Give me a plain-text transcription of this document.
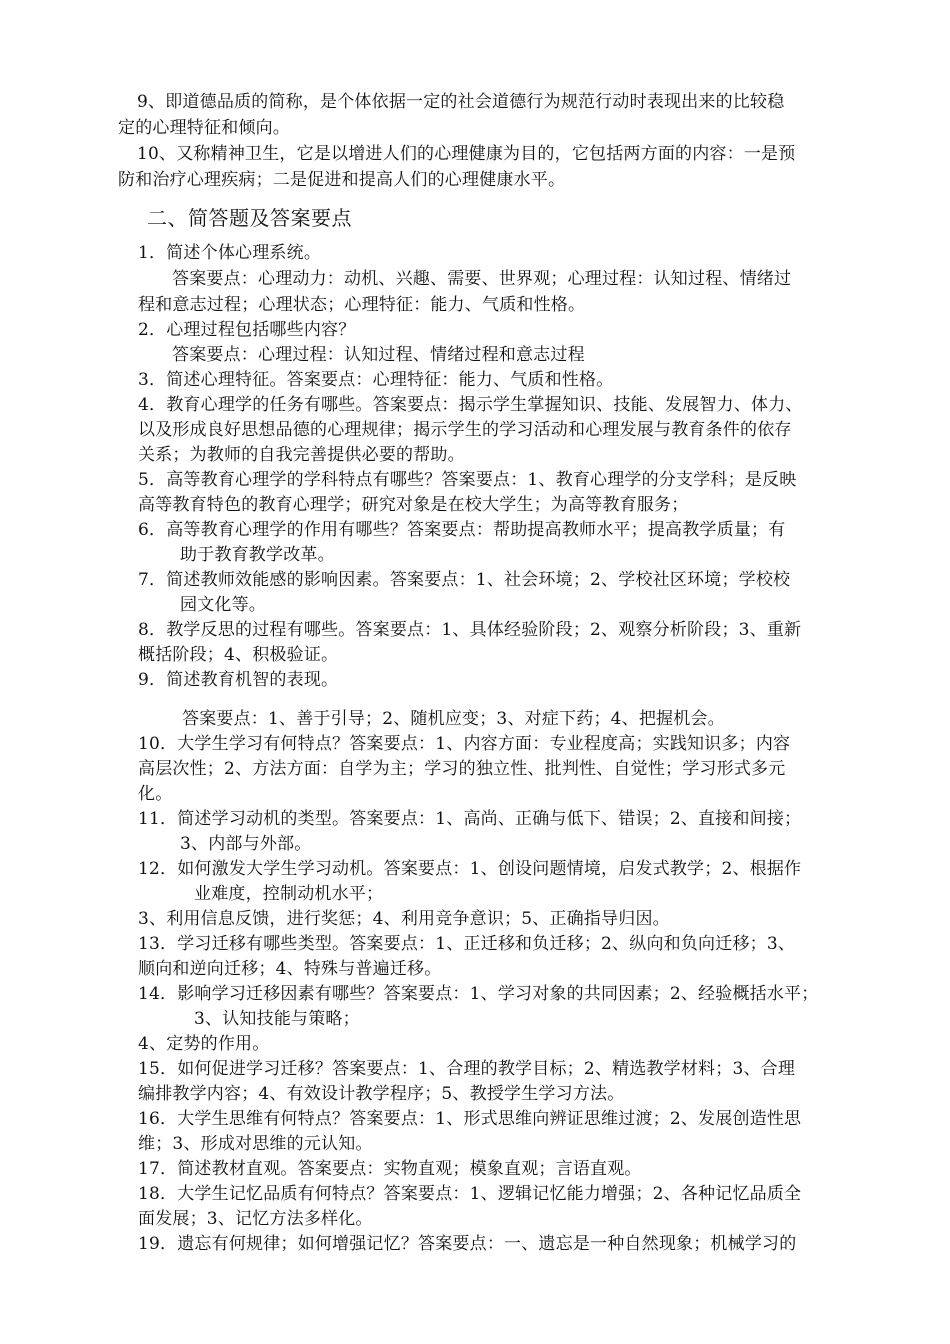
9、即道德品质的简称，是个体依据一定的社会道德行为规范行动时表现出来的比较稳
定的心理特征和倾向。
10、又称精神卫生，它是以增进人们的心理健康为目的，它包括两方面的内容：一是预
防和治疗心理疾病；二是促进和提高人们的心理健康水平。
二、简答题及答案要点
1．简述个体心理系统。
答案要点：心理动力：动机、兴趣、需要、世界观；心理过程：认知过程、情绪过
程和意志过程；心理状态；心理特征：能力、气质和性格。
2．心理过程包括哪些内容？
答案要点：心理过程：认知过程、情绪过程和意志过程
3．简述心理特征。答案要点：心理特征：能力、气质和性格。
4．教育心理学的任务有哪些。答案要点：揭示学生掌握知识、技能、发展智力、体力、
以及形成良好思想品德的心理规律；揭示学生的学习活动和心理发展与教育条件的依存
关系；为教师的自我完善提供必要的帮助。
5．高等教育心理学的学科特点有哪些？答案要点：1、教育心理学的分支学科；是反映
高等教育特色的教育心理学；研究对象是在校大学生；为高等教育服务；
6．高等教育心理学的作用有哪些？答案要点：帮助提高教师水平；提高教学质量；有
助于教育教学改革。
7．简述教师效能感的影响因素。答案要点：1、社会环境；2、学校社区环境；学校校
园文化等。
8．教学反思的过程有哪些。答案要点：1、具体经验阶段；2、观察分析阶段；3、重新
概括阶段；4、积极验证。
9．简述教育机智的表现。
答案要点：1、善于引导；2、随机应变；3、对症下药；4、把握机会。
10．大学生学习有何特点？答案要点：1、内容方面：专业程度高；实践知识多；内容
高层次性；2、方法方面：自学为主；学习的独立性、批判性、自觉性；学习形式多元
化。
11．简述学习动机的类型。答案要点：1、高尚、正确与低下、错误；2、直接和间接；
3、内部与外部。
12．如何激发大学生学习动机。答案要点：1、创设问题情境，启发式教学；2、根据作
业难度，控制动机水平；
3、利用信息反馈，进行奖惩；4、利用竞争意识；5、正确指导归因。
13．学习迁移有哪些类型。答案要点：1、正迁移和负迁移；2、纵向和负向迁移；3、
顺向和逆向迁移；4、特殊与普遍迁移。
14．影响学习迁移因素有哪些？答案要点：1、学习对象的共同因素；2、经验概括水平；
3、认知技能与策略；
4、定势的作用。
15．如何促进学习迁移？答案要点：1、合理的教学目标；2、精选教学材料；3、合理
编排教学内容；4、有效设计教学程序；5、教授学生学习方法。
16．大学生思维有何特点？答案要点：1、形式思维向辨证思维过渡；2、发展创造性思
维；3、形成对思维的元认知。
17．简述教材直观。答案要点：实物直观；模象直观；言语直观。
18．大学生记忆品质有何特点？答案要点：1、逻辑记忆能力增强；2、各种记忆品质全
面发展；3、记忆方法多样化。
19．遗忘有何规律；如何增强记忆？答案要点：一、遗忘是一种自然现象；机械学习的
